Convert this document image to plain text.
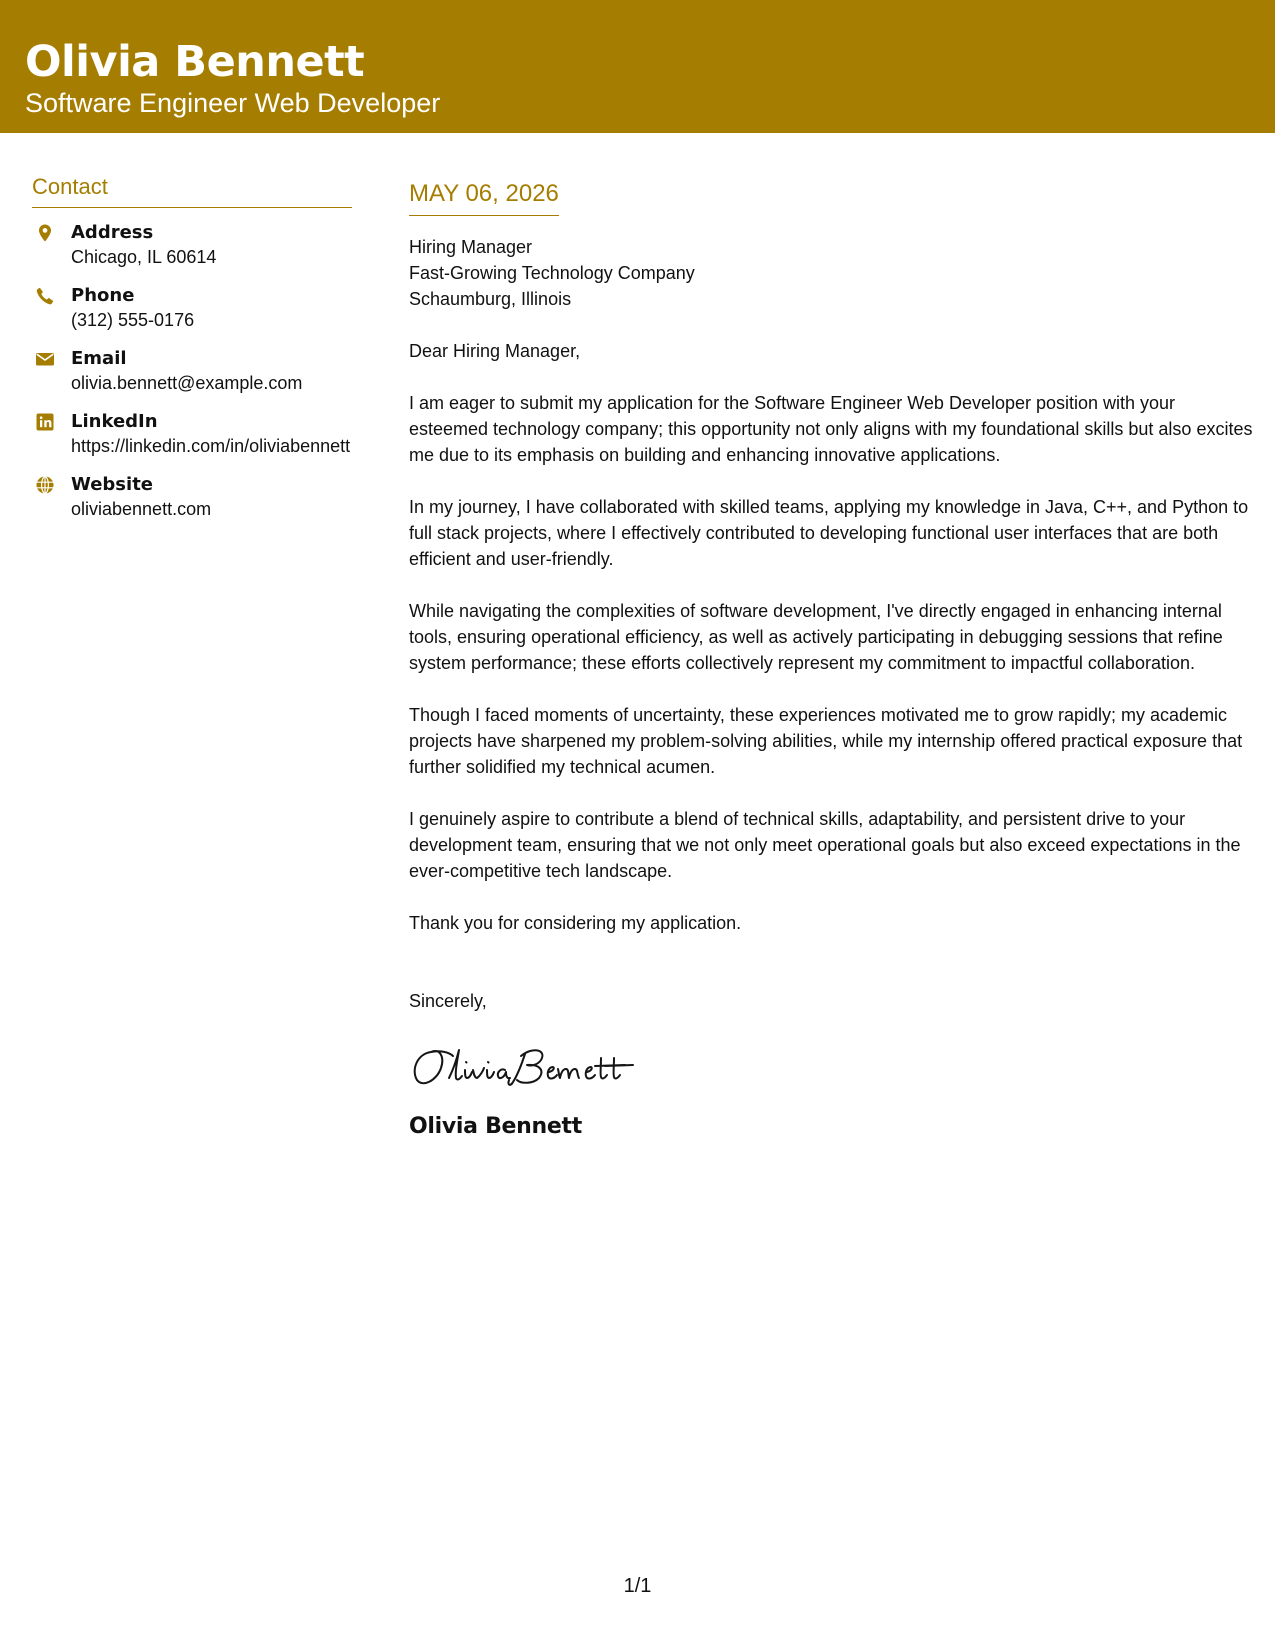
Olivia Bennett
Software Engineer Web Developer
Contact
Address
Chicago, IL 60614
Phone
(312) 555-0176
Email
olivia.bennett@example.com
LinkedIn
https://linkedin.com/in/oliviabennett
Website
oliviabennett.com
MAY 06, 2026
Hiring Manager
Fast-Growing Technology Company
Schaumburg, Illinois

Dear Hiring Manager,

I am eager to submit my application for the Software Engineer Web Developer position with your esteemed technology company; this opportunity not only aligns with my foundational skills but also excites me due to its emphasis on building and enhancing innovative applications.

In my journey, I have collaborated with skilled teams, applying my knowledge in Java, C++, and Python to full stack projects, where I effectively contributed to developing functional user interfaces that are both efficient and user-friendly.

While navigating the complexities of software development, I've directly engaged in enhancing internal tools, ensuring operational efficiency, as well as actively participating in debugging sessions that refine system performance; these efforts collectively represent my commitment to impactful collaboration.

Though I faced moments of uncertainty, these experiences motivated me to grow rapidly; my academic projects have sharpened my problem-solving abilities, while my internship offered practical exposure that further solidified my technical acumen.

I genuinely aspire to contribute a blend of technical skills, adaptability, and persistent drive to your development team, ensuring that we not only meet operational goals but also exceed expectations in the ever-competitive tech landscape.

Thank you for considering my application.

Sincerely,

Olivia Bennett
1/1
